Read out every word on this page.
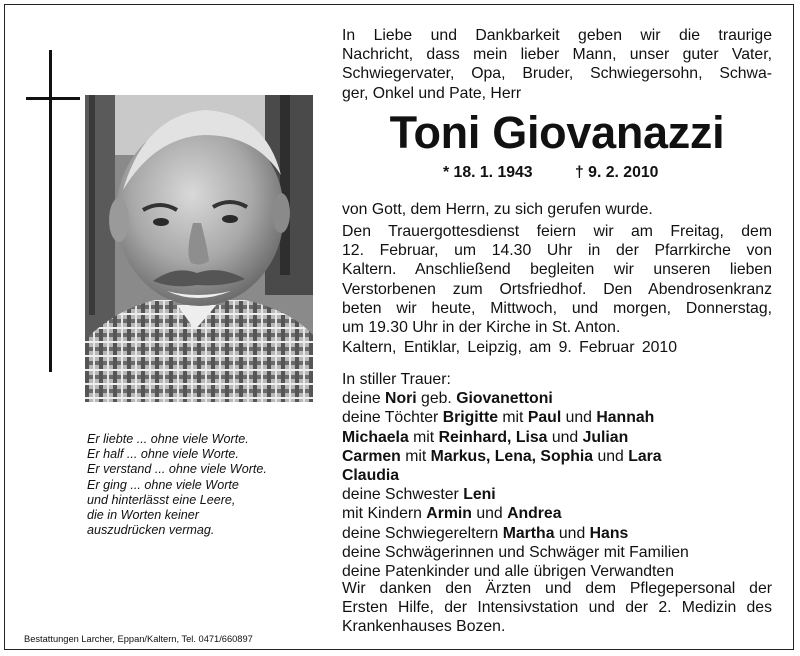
Er liebte ... ohne viele Worte.
Er half ... ohne viele Worte.
Er verstand ... ohne viele Worte.
Er ging ... ohne viele Worte
und hinterlässt eine Leere,
die in Worten keiner
auszudrücken vermag.
Bestattungen Larcher, Eppan/Kaltern, Tel. 0471/660897
In Liebe und Dankbarkeit geben wir die traurige
Nachricht, dass mein lieber Mann, unser guter Vater,
Schwiegervater, Opa, Bruder, Schwiegersohn, Schwa-
ger, Onkel und Pate, Herr
Toni Giovanazzi
* 18. 1. 1943	† 9. 2. 2010
von Gott, dem Herrn, zu sich gerufen wurde.
Den Trauergottesdienst feiern wir am Freitag, dem
12. Februar, um 14.30 Uhr in der Pfarrkirche von
Kaltern. Anschließend begleiten wir unseren lieben
Verstorbenen zum Ortsfriedhof. Den Abendrosenkranz
beten wir heute, Mittwoch, und morgen, Donnerstag,
um 19.30 Uhr in der Kirche in St. Anton.
Kaltern, Entiklar, Leipzig, am 9. Februar 2010
In stiller Trauer:
deine Nori geb. Giovanettoni
deine Töchter Brigitte mit Paul und Hannah
Michaela mit Reinhard, Lisa und Julian
Carmen mit Markus, Lena, Sophia und Lara
Claudia
deine Schwester Leni
mit Kindern Armin und Andrea
deine Schwiegereltern Martha und Hans
deine Schwägerinnen und Schwäger mit Familien
deine Patenkinder und alle übrigen Verwandten
Wir danken den Ärzten und dem Pflegepersonal der
Ersten Hilfe, der Intensivstation und der 2. Medizin des
Krankenhauses Bozen.
